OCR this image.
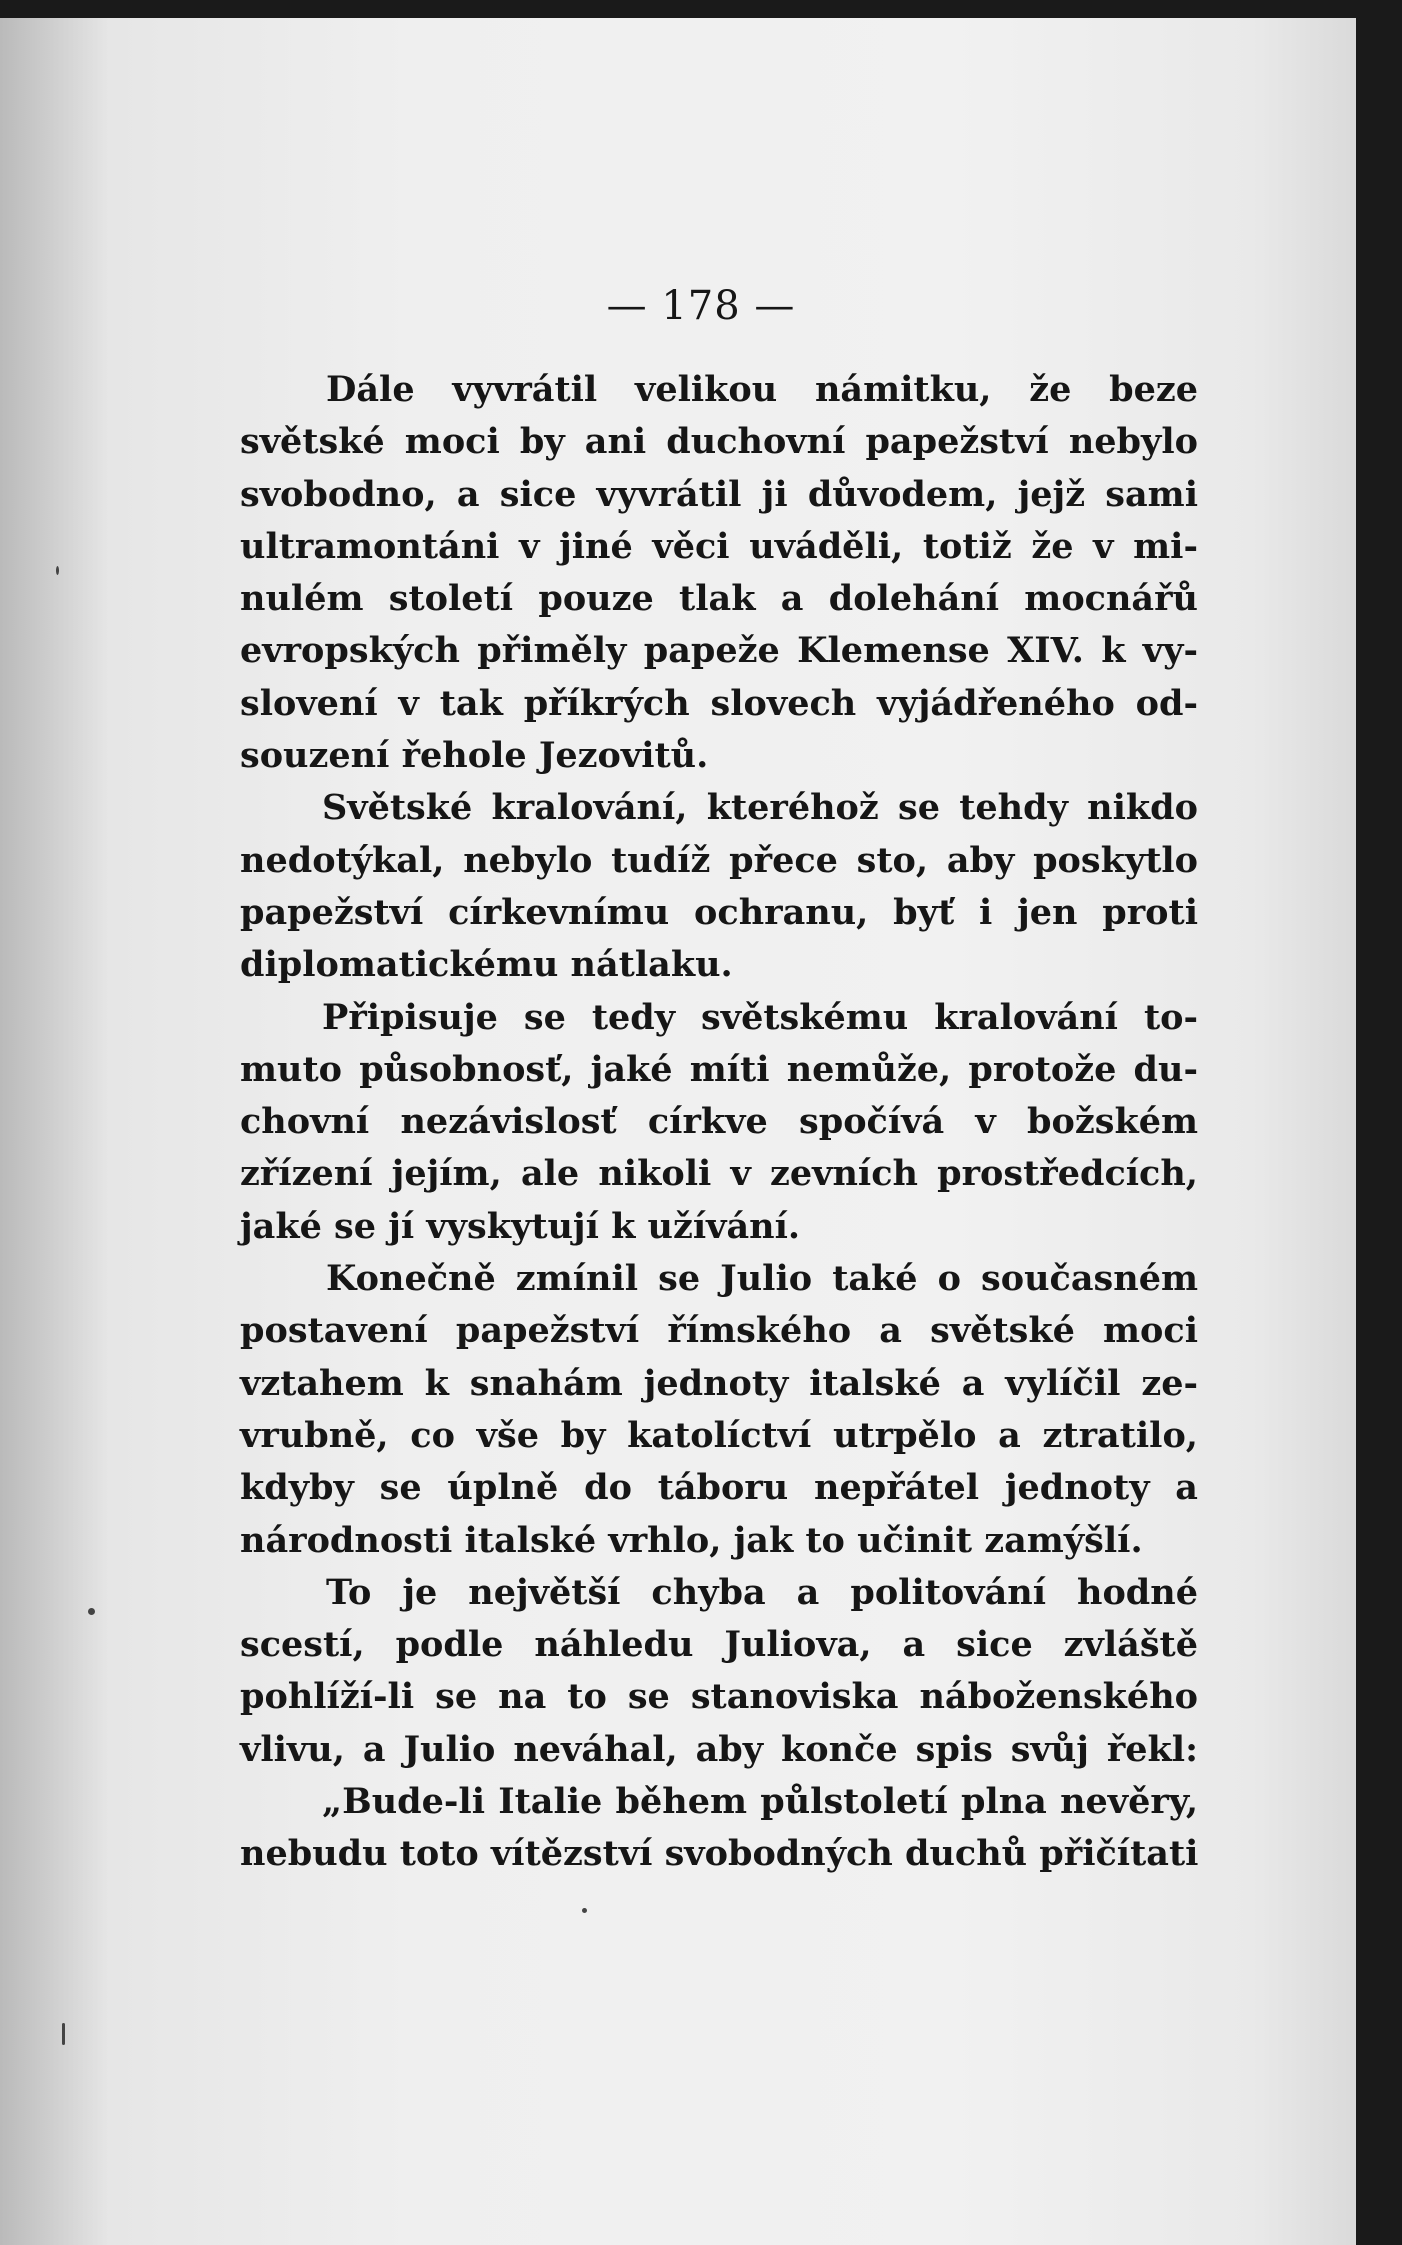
— 178 —
Dále vyvrátil velikou námitku, že beze
světské moci by ani duchovní papežství nebylo
svobodno, a sice vyvrátil ji důvodem, jejž sami
ultramontáni v jiné věci uváděli, totiž že v mi-
nulém století pouze tlak a dolehání mocnářů
evropských přiměly papeže Klemense XIV. k vy-
slovení v tak příkrých slovech vyjádřeného od-
souzení řehole Jezovitů.
Světské kralování, kteréhož se tehdy nikdo
nedotýkal, nebylo tudíž přece sto, aby poskytlo
papežství církevnímu ochranu, byť i jen proti
diplomatickému nátlaku.
Připisuje se tedy světskému kralování to-
muto působnosť, jaké míti nemůže, protože du-
chovní nezávislosť církve spočívá v božském
zřízení jejím, ale nikoli v zevních prostředcích,
jaké se jí vyskytují k užívání.
Konečně zmínil se Julio také o současném
postavení papežství římského a světské moci
vztahem k snahám jednoty italské a vylíčil ze-
vrubně, co vše by katolíctví utrpělo a ztratilo,
kdyby se úplně do táboru nepřátel jednoty a
národnosti italské vrhlo, jak to učinit zamýšlí.
To je největší chyba a politování hodné
scestí, podle náhledu Juliova, a sice zvláště
pohlíží-li se na to se stanoviska náboženského
vlivu, a Julio neváhal, aby konče spis svůj řekl:
„Bude-li Italie během půlstoletí plna nevěry,
nebudu toto vítězství svobodných duchů přičítati
